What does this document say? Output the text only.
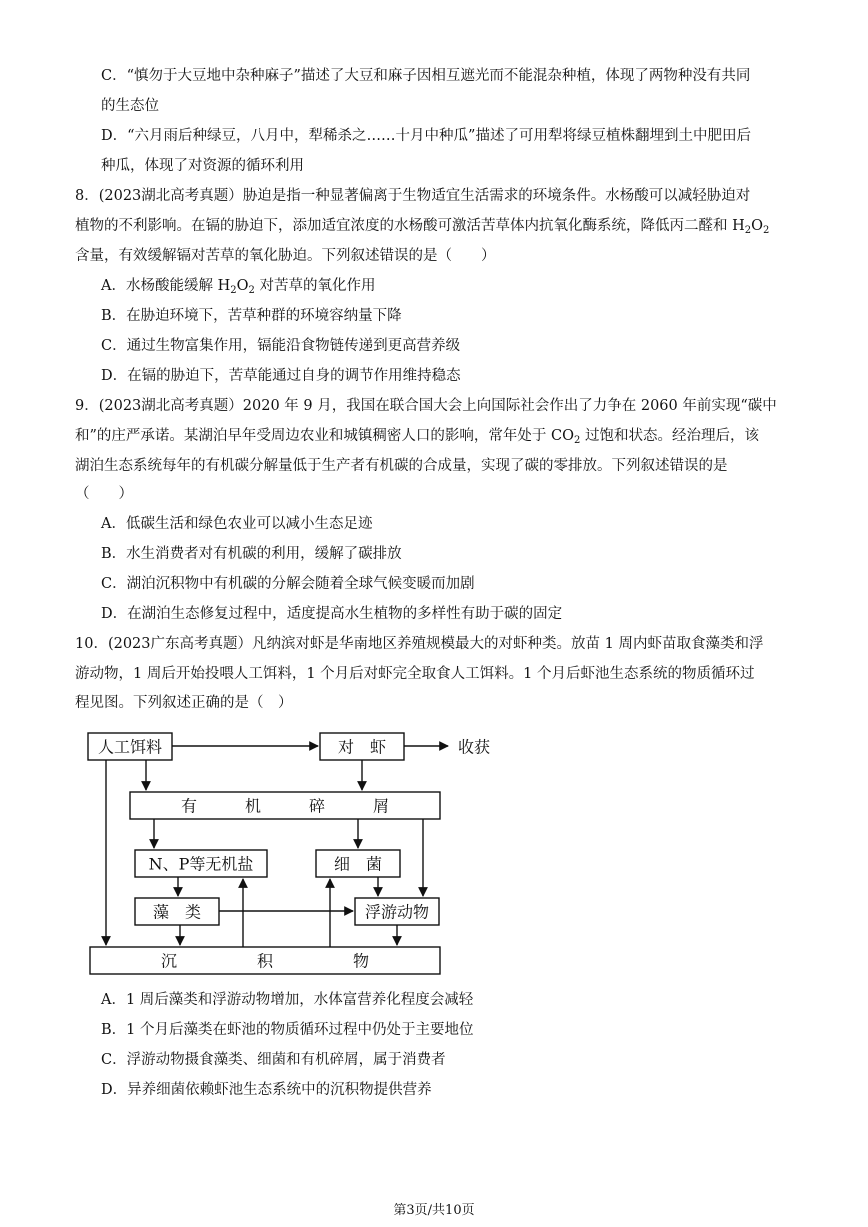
C．“慎勿于大豆地中杂种麻子”描述了大豆和麻子因相互遮光而不能混杂种植，体现了两物种没有共同
的生态位
D．“六月雨后种绿豆，八月中，犁稀杀之……十月中种瓜”描述了可用犁将绿豆植株翻埋到土中肥田后
种瓜，体现了对资源的循环利用
8．(2023湖北高考真题）胁迫是指一种显著偏离于生物适宜生活需求的环境条件。水杨酸可以减轻胁迫对
植物的不利影响。在镉的胁迫下，添加适宜浓度的水杨酸可激活苦草体内抗氧化酶系统，降低丙二醛和 $H_2O_2$
含量，有效缓解镉对苦草的氧化胁迫。下列叙述错误的是（　　）
A．水杨酸能缓解 $H_2O_2$ 对苦草的氧化作用
B．在胁迫环境下，苦草种群的环境容纳量下降
C．通过生物富集作用，镉能沿食物链传递到更高营养级
D．在镉的胁迫下，苦草能通过自身的调节作用维持稳态
9．(2023湖北高考真题）2020 年 9 月，我国在联合国大会上向国际社会作出了力争在 2060 年前实现“碳中
和”的庄严承诺。某湖泊早年受周边农业和城镇稠密人口的影响，常年处于 $CO_2$ 过饱和状态。经治理后，该
湖泊生态系统每年的有机碳分解量低于生产者有机碳的合成量，实现了碳的零排放。下列叙述错误的是
（　　）
A．低碳生活和绿色农业可以减小生态足迹
B．水生消费者对有机碳的利用，缓解了碳排放
C．湖泊沉积物中有机碳的分解会随着全球气候变暖而加剧
D．在湖泊生态修复过程中，适度提高水生植物的多样性有助于碳的固定
10．(2023广东高考真题）凡纳滨对虾是华南地区养殖规模最大的对虾种类。放苗 1 周内虾苗取食藻类和浮
游动物，1 周后开始投喂人工饵料，1 个月后对虾完全取食人工饵料。1 个月后虾池生态系统的物质循环过
程见图。下列叙述正确的是（　）
人工饵料	对　虾	收获
有　　　机　　　碎　　　屑
N、P等无机盐	细　菌
藻　类	浮游动物
沉　　　　　积　　　　　物
A．1 周后藻类和浮游动物增加，水体富营养化程度会减轻
B．1 个月后藻类在虾池的物质循环过程中仍处于主要地位
C．浮游动物摄食藻类、细菌和有机碎屑，属于消费者
D．异养细菌依赖虾池生态系统中的沉积物提供营养
第3页/共10页
